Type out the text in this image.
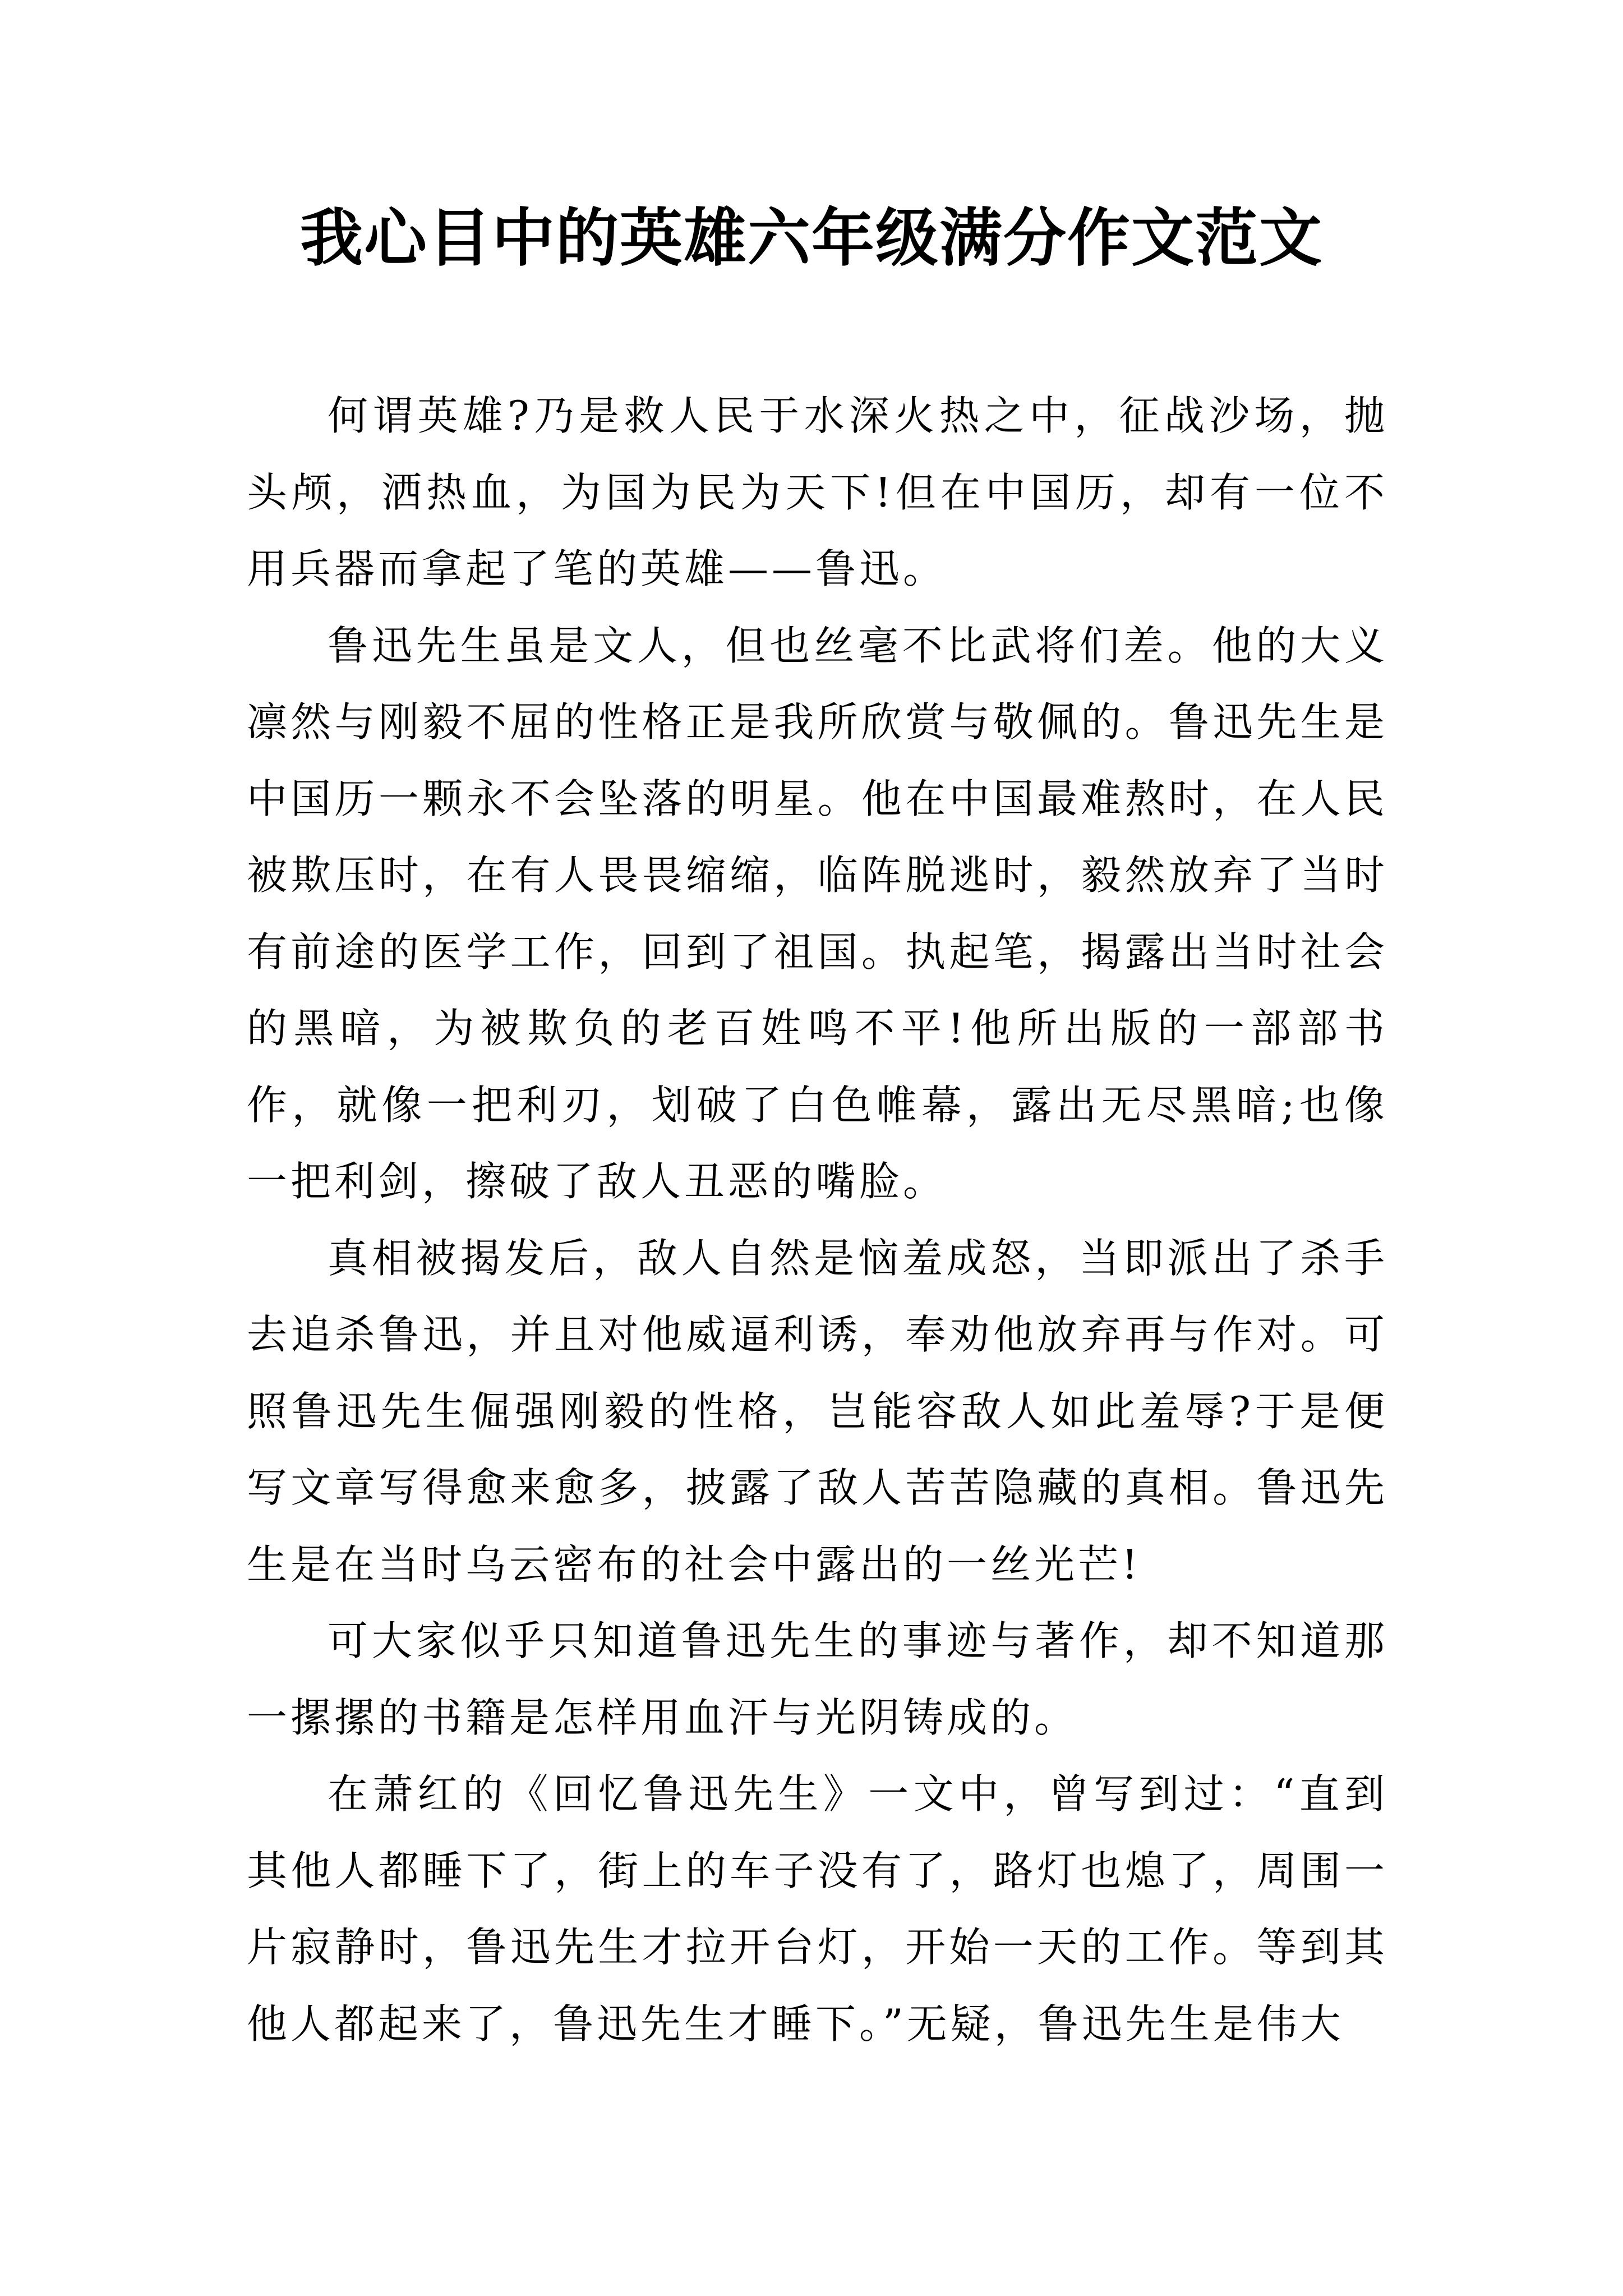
我心目中的英雄六年级满分作文范文

何谓英雄?乃是救人民于水深火热之中，征战沙场，抛头颅，洒热血，为国为民为天下!但在中国历，却有一位不用兵器而拿起了笔的英雄——鲁迅。

鲁迅先生虽是文人，但也丝毫不比武将们差。他的大义凛然与刚毅不屈的性格正是我所欣赏与敬佩的。鲁迅先生是中国历一颗永不会坠落的明星。他在中国最难熬时，在人民被欺压时，在有人畏畏缩缩，临阵脱逃时，毅然放弃了当时有前途的医学工作，回到了祖国。执起笔，揭露出当时社会的黑暗，为被欺负的老百姓鸣不平!他所出版的一部部书作，就像一把利刃，划破了白色帷幕，露出无尽黑暗;也像一把利剑，擦破了敌人丑恶的嘴脸。

真相被揭发后，敌人自然是恼羞成怒，当即派出了杀手去追杀鲁迅，并且对他威逼利诱，奉劝他放弃再与作对。可照鲁迅先生倔强刚毅的性格，岂能容敌人如此羞辱?于是便写文章写得愈来愈多，披露了敌人苦苦隐藏的真相。鲁迅先生是在当时乌云密布的社会中露出的一丝光芒!

可大家似乎只知道鲁迅先生的事迹与著作，却不知道那一摞摞的书籍是怎样用血汗与光阴铸成的。

在萧红的《回忆鲁迅先生》一文中，曾写到过：“直到其他人都睡下了，街上的车子没有了，路灯也熄了，周围一片寂静时，鲁迅先生才拉开台灯，开始一天的工作。等到其他人都起来了，鲁迅先生才睡下。”无疑，鲁迅先生是伟大
